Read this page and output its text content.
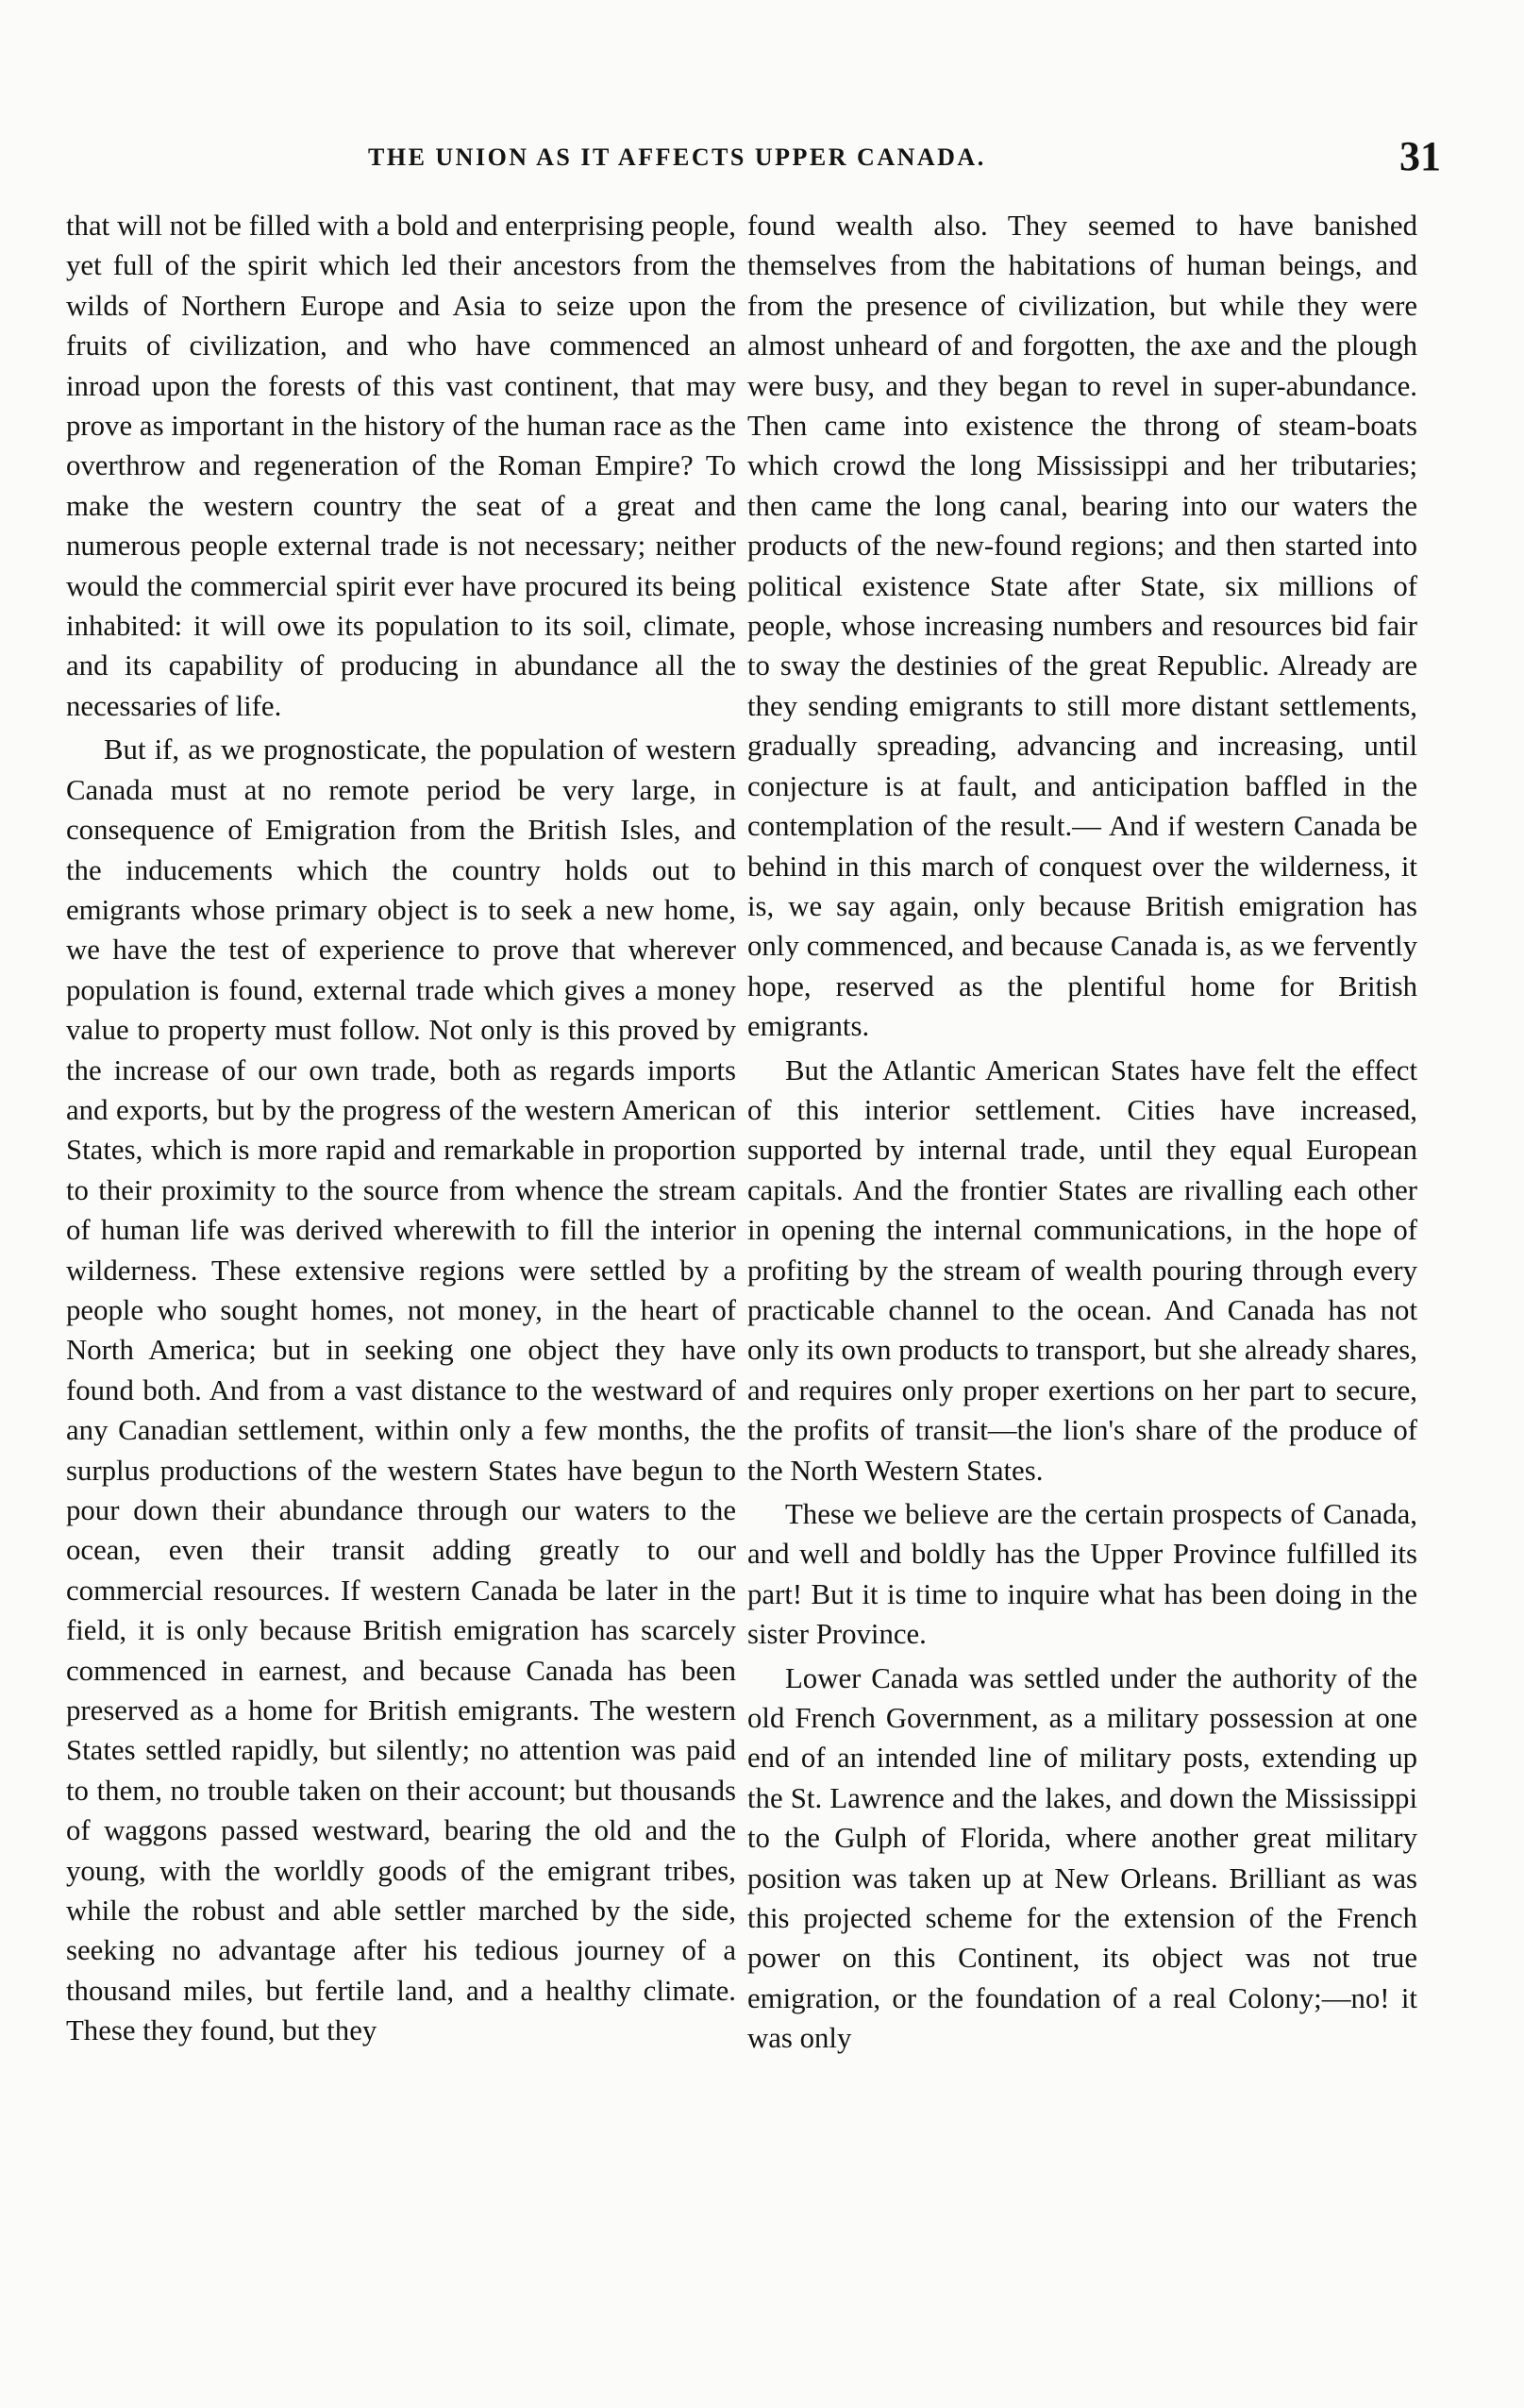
THE UNION AS IT AFFECTS UPPER CANADA.	31

that will not be filled with a bold and enterprising people, yet full of the spirit which led their ancestors from the wilds of Northern Europe and Asia to seize upon the fruits of civilization, and who have commenced an inroad upon the forests of this vast continent, that may prove as important in the history of the human race as the overthrow and regeneration of the Roman Empire? To make the western country the seat of a great and numerous people external trade is not necessary; neither would the commercial spirit ever have procured its being inhabited: it will owe its population to its soil, climate, and its capability of producing in abundance all the necessaries of life.

But if, as we prognosticate, the population of western Canada must at no remote period be very large, in consequence of Emigration from the British Isles, and the inducements which the country holds out to emigrants whose primary object is to seek a new home, we have the test of experience to prove that wherever population is found, external trade which gives a money value to property must follow. Not only is this proved by the increase of our own trade, both as regards imports and exports, but by the progress of the western American States, which is more rapid and remarkable in proportion to their proximity to the source from whence the stream of human life was derived wherewith to fill the interior wilderness. These extensive regions were settled by a people who sought homes, not money, in the heart of North America; but in seeking one object they have found both. And from a vast distance to the westward of any Canadian settlement, within only a few months, the surplus productions of the western States have begun to pour down their abundance through our waters to the ocean, even their transit adding greatly to our commercial resources. If western Canada be later in the field, it is only because British emigration has scarcely commenced in earnest, and because Canada has been preserved as a home for British emigrants. The western States settled rapidly, but silently; no attention was paid to them, no trouble taken on their account; but thousands of waggons passed westward, bearing the old and the young, with the worldly goods of the emigrant tribes, while the robust and able settler marched by the side, seeking no advantage after his tedious journey of a thousand miles, but fertile land, and a healthy climate. These they found, but they

found wealth also. They seemed to have banished themselves from the habitations of human beings, and from the presence of civilization, but while they were almost unheard of and forgotten, the axe and the plough were busy, and they began to revel in super-abundance. Then came into existence the throng of steam-boats which crowd the long Mississippi and her tributaries; then came the long canal, bearing into our waters the products of the new-found regions; and then started into political existence State after State, six millions of people, whose increasing numbers and resources bid fair to sway the destinies of the great Republic. Already are they sending emigrants to still more distant settlements, gradually spreading, advancing and increasing, until conjecture is at fault, and anticipation baffled in the contemplation of the result.— And if western Canada be behind in this march of conquest over the wilderness, it is, we say again, only because British emigration has only commenced, and because Canada is, as we fervently hope, reserved as the plentiful home for British emigrants.

But the Atlantic American States have felt the effect of this interior settlement. Cities have increased, supported by internal trade, until they equal European capitals. And the frontier States are rivalling each other in opening the internal communications, in the hope of profiting by the stream of wealth pouring through every practicable channel to the ocean. And Canada has not only its own products to transport, but she already shares, and requires only proper exertions on her part to secure, the profits of transit—the lion's share of the produce of the North Western States.

These we believe are the certain prospects of Canada, and well and boldly has the Upper Province fulfilled its part! But it is time to inquire what has been doing in the sister Province.

Lower Canada was settled under the authority of the old French Government, as a military possession at one end of an intended line of military posts, extending up the St. Lawrence and the lakes, and down the Mississippi to the Gulph of Florida, where another great military position was taken up at New Orleans. Brilliant as was this projected scheme for the extension of the French power on this Continent, its object was not true emigration, or the foundation of a real Colony;—no! it was only
